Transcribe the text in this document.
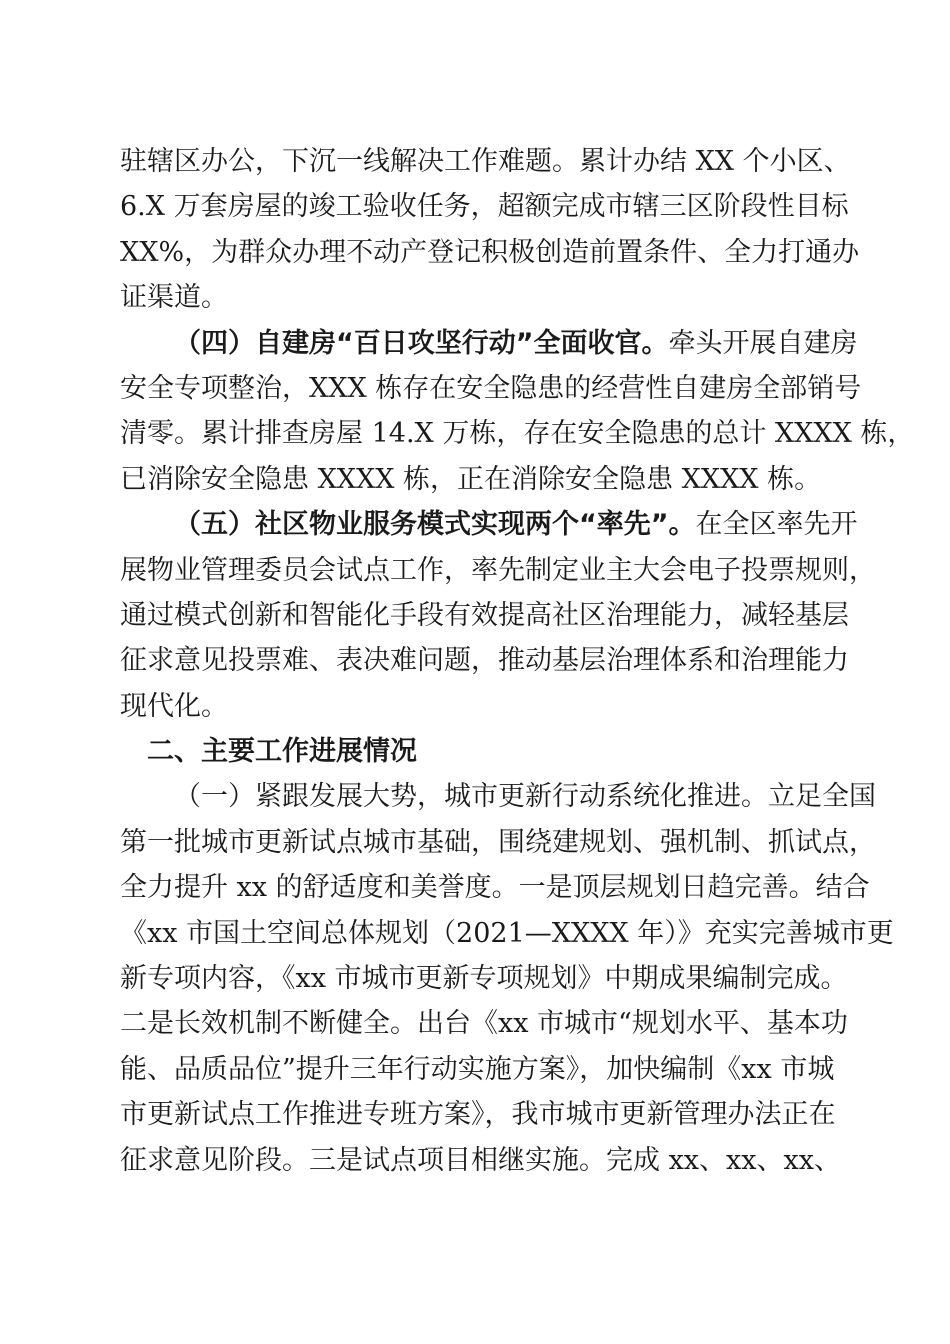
驻辖区办公，下沉一线解决工作难题。累计办结 XX 个小区、
6.X 万套房屋的竣工验收任务，超额完成市辖三区阶段性目标
XX%，为群众办理不动产登记积极创造前置条件、全力打通办
证渠道。
（四）自建房“百日攻坚行动”全面收官。牵头开展自建房
安全专项整治，XXX 栋存在安全隐患的经营性自建房全部销号
清零。累计排查房屋 14.X 万栋，存在安全隐患的总计 XXXX 栋，
已消除安全隐患 XXXX 栋，正在消除安全隐患 XXXX 栋。
（五）社区物业服务模式实现两个“率先”。在全区率先开
展物业管理委员会试点工作，率先制定业主大会电子投票规则，
通过模式创新和智能化手段有效提高社区治理能力，减轻基层
征求意见投票难、表决难问题，推动基层治理体系和治理能力
现代化。
二、主要工作进展情况
（一）紧跟发展大势，城市更新行动系统化推进。立足全国
第一批城市更新试点城市基础，围绕建规划、强机制、抓试点，
全力提升 xx 的舒适度和美誉度。一是顶层规划日趋完善。结合
《xx 市国土空间总体规划（2021—XXXX 年）》充实完善城市更
新专项内容，《xx 市城市更新专项规划》中期成果编制完成。
二是长效机制不断健全。出台《xx 市城市“规划水平、基本功
能、品质品位”提升三年行动实施方案》，加快编制《xx 市城
市更新试点工作推进专班方案》，我市城市更新管理办法正在
征求意见阶段。三是试点项目相继实施。完成 xx、xx、xx、
